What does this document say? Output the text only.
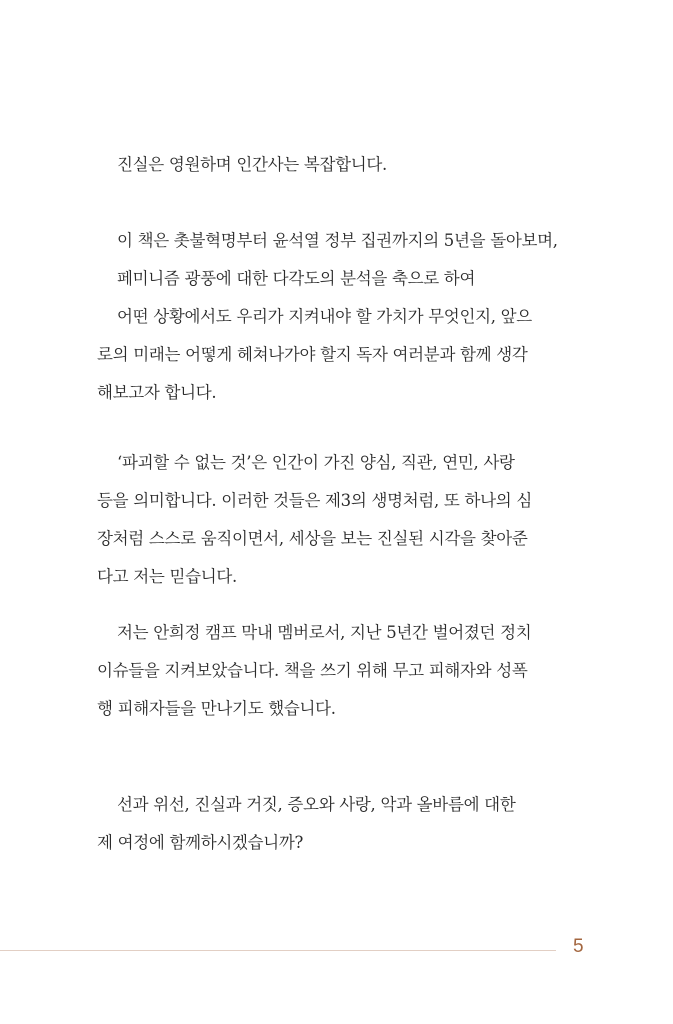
진실은 영원하며 인간사는 복잡합니다.

이 책은 촛불혁명부터 윤석열 정부 집권까지의 5년을 돌아보며,
페미니즘 광풍에 대한 다각도의 분석을 축으로 하여
어떤 상황에서도 우리가 지켜내야 할 가치가 무엇인지, 앞으
로의 미래는 어떻게 헤쳐나가야 할지 독자 여러분과 함께 생각
해보고자 합니다.

‘파괴할 수 없는 것’은 인간이 가진 양심, 직관, 연민, 사랑
등을 의미합니다. 이러한 것들은 제3의 생명처럼, 또 하나의 심
장처럼 스스로 움직이면서, 세상을 보는 진실된 시각을 찾아준
다고 저는 믿습니다.

저는 안희정 캠프 막내 멤버로서, 지난 5년간 벌어졌던 정치
이슈들을 지켜보았습니다. 책을 쓰기 위해 무고 피해자와 성폭
행 피해자들을 만나기도 했습니다.

선과 위선, 진실과 거짓, 증오와 사랑, 악과 올바름에 대한
제 여정에 함께하시겠습니까?

5
